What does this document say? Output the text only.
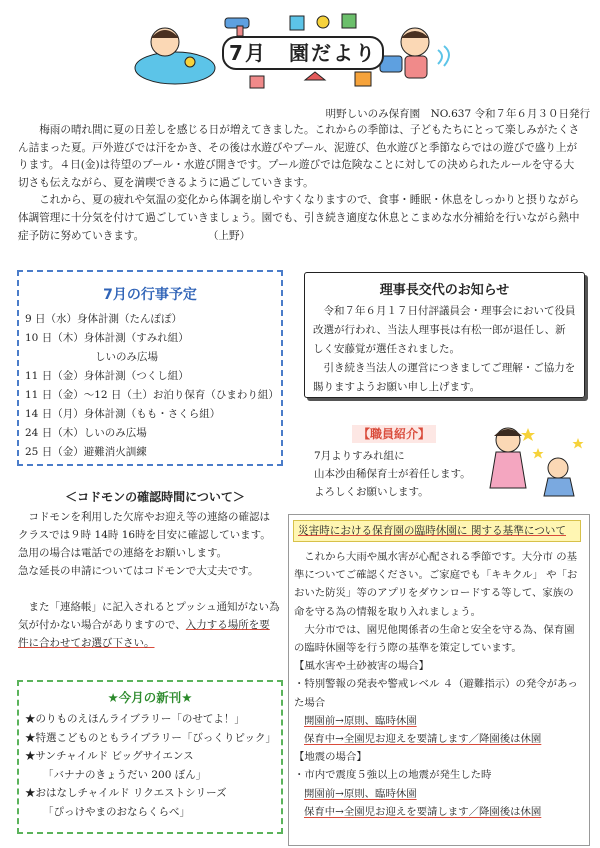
7月　園だより
明野しいのみ保育園　NO.637 令和７年６月３０日発行

梅雨の晴れ間に夏の日差しを感じる日が増えてきました。これからの季節は、子どもたちにとって楽しみがたくさん詰まった夏。戸外遊びでは汗をかき、その後は水遊びやプール、泥遊び、色水遊びと季節ならではの遊びで盛り上がります。４日(金)は待望のプール・水遊び開きです。プール遊びでは危険なことに対しての決められたルールを守る大切さも伝えながら、夏を満喫できるように過ごしていきます。

これから、夏の疲れや気温の変化から体調を崩しやすくなりますので、食事・睡眠・休息をしっかりと摂りながら体調管理に十分気を付けて過ごしていきましょう。園でも、引き続き適度な休息とこまめな水分補給を行いながら熱中症予防に努めていきます。　　　　　　　（上野）

7月の行事予定
9 日（水）身体計測（たんぽぽ）
10 日（木）身体計測（すみれ組）
しいのみ広場
11 日（金）身体計測（つくし組）
11 日（金）～12 日（土）お泊り保育（ひまわり組）
14 日（月）身体計測（もも・さくら組）
24 日（木）しいのみ広場
25 日（金）避難消火訓練
理事長交代のお知らせ

令和７年６月１７日付評議員会・理事会において役員改選が行われ、当法人理事長は有松一郎が退任し、新しく安藤覚が選任されました。

引き続き当法人の運営につきましてご理解・ご協力を賜りますようお願い申し上げます。

【職員紹介】
7月よりすみれ組に
山本沙由稀保育士が着任します。
よろしくお願いします。
＜コドモンの確認時間について＞

コドモンを利用した欠席やお迎え等の連絡の確認はクラスでは９時 14時 16時を目安に確認しています。急用の場合は電話での連絡をお願いします。

急な延長の申請についてはコドモンで大丈夫です。

また「連絡帳」に記入されるとプッシュ通知がない為気が付かない場合がありますので、入力する場所を要件に合わせてお選び下さい。

★今月の新刊★
★のりものえほんライブラリー「のせてよ！」
★特選こどものともライブラリー「びっくりピック」
★サンチャイルド ビッグサイエンス
「バナナのきょうだい 200 ぼん」
★おはなしチャイルド リクエストシリーズ
「ぴっけやまのおならくらべ」
災害時における保育園の臨時休園に 関する基準について

これから大雨や風水害が心配される季節です。大分市 の基準についてご確認ください。ご家庭でも「キキクル」 や「おおいた防災」等のアプリをダウンロードする等して、家族の命を守る為の情報を取り入れましょう。

大分市では、園児他関係者の生命と安全を守る為、保育園の臨時休園等を行う際の基準を策定しています。

【風水害や土砂被害の場合】

・特別警報の発表や警戒レベル ４（避難指示）の発令があった場合

開園前→原則、臨時休園

保育中→全園児お迎えを要請します／降園後は休園

【地震の場合】

・市内で震度５強以上の地震が発生した時

開園前→原則、臨時休園

保育中→全園児お迎えを要請します／降園後は休園
